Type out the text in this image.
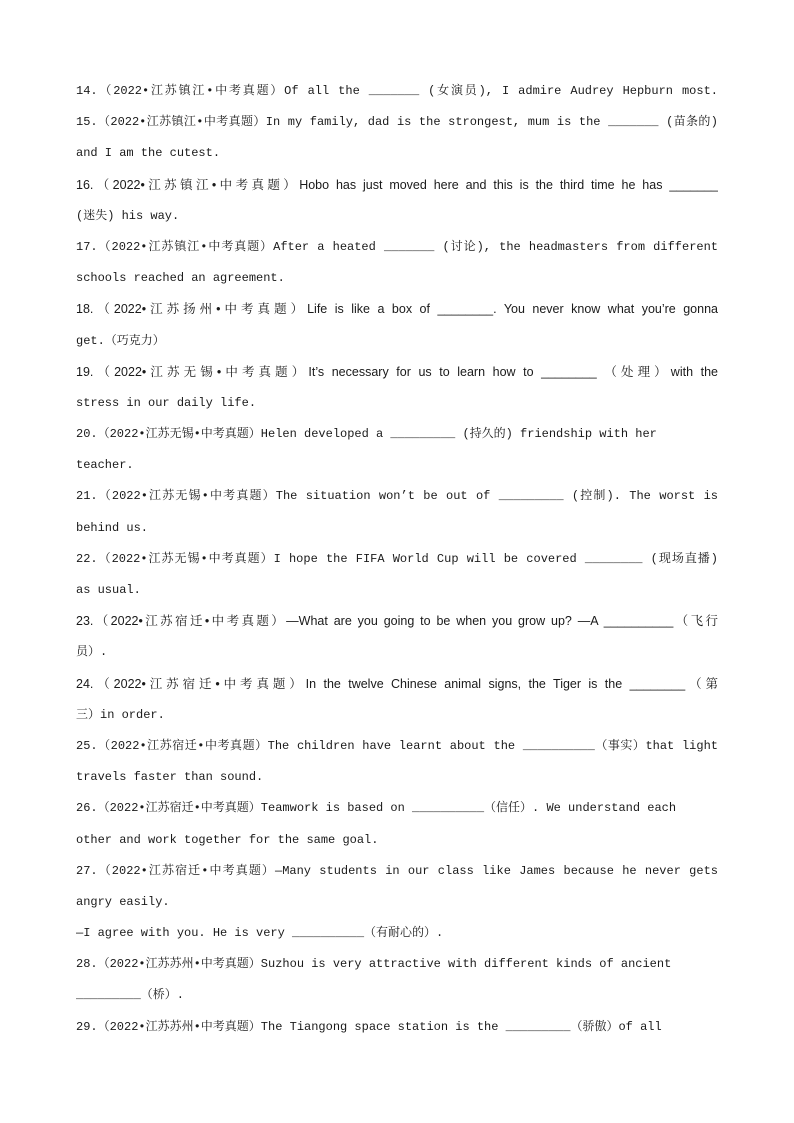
14.（2022•江苏镇江•中考真题）Of all the _______ (女演员), I admire Audrey Hepburn most.
15.（2022•江苏镇江•中考真题）In my family, dad is the strongest, mum is the _______ (苗条的)
and I am the cutest.
16.（2022•江苏镇江•中考真题）Hobo has just moved here and this is the third time he has _______
(迷失) his way.
17.（2022•江苏镇江•中考真题）After a heated _______ (讨论), the headmasters from different
schools reached an agreement.
18.（2022•江苏扬州•中考真题）Life is like a box of ________. You never know what you’re gonna
get.（巧克力）
19.（2022•江苏无锡•中考真题）It’s necessary for us to learn how to ________ （处理）with the
stress in our daily life.
20.（2022•江苏无锡•中考真题）Helen developed a _________ (持久的) friendship with her
teacher.
21.（2022•江苏无锡•中考真题）The situation won’t be out of _________ (控制). The worst is
behind us.
22.（2022•江苏无锡•中考真题）I hope the FIFA World Cup will be covered ________ (现场直播)
as usual.
23.（2022•江苏宿迁•中考真题）—What are you going to be when you grow up? —A __________（飞行
员）.
24.（2022•江苏宿迁•中考真题）In the twelve Chinese animal signs, the Tiger is the ________（第
三）in order.
25.（2022•江苏宿迁•中考真题）The children have learnt about the __________（事实）that light
travels faster than sound.
26.（2022•江苏宿迁•中考真题）Teamwork is based on __________（信任）. We understand each
other and work together for the same goal.
27.（2022•江苏宿迁•中考真题）—Many students in our class like James because he never gets
angry easily.
—I agree with you. He is very __________（有耐心的）.
28.（2022•江苏苏州•中考真题）Suzhou is very attractive with different kinds of ancient
_________（桥）.
29.（2022•江苏苏州•中考真题）The Tiangong space station is the _________（骄傲）of all
